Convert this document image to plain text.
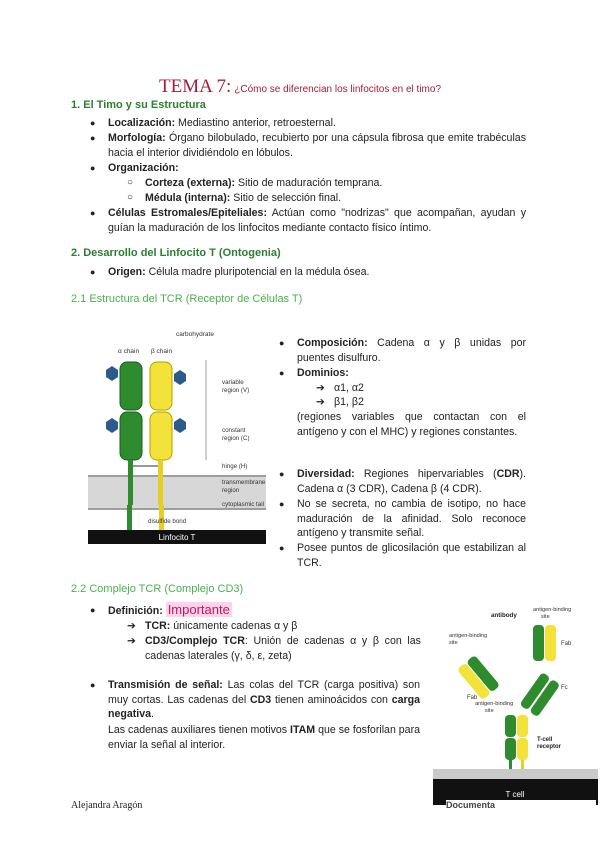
TEMA 7: ¿Cómo se diferencian los linfocitos en el timo?
1. El Timo y su Estructura
● Localización: Mediastino anterior, retroesternal.
● Morfología: Órgano bilobulado, recubierto por una cápsula fibrosa que emite trabéculas hacia el interior dividiéndolo en lóbulos.
● Organización:
○ Corteza (externa): Sitio de maduración temprana.
○ Médula (interna): Sitio de selección final.
● Células Estromales/Epiteliales: Actúan como "nodrizas" que acompañan, ayudan y guían la maduración de los linfocitos mediante contacto físico íntimo.
2. Desarrollo del Linfocito T (Ontogenia)
● Origen: Célula madre pluripotencial en la médula ósea.
2.1 Estructura del TCR (Receptor de Células T)
Linfocito T
carbohydrate
α chain β chain
variable
region (V)
constant
region (C)
hinge (H)
transmembrane
region
cytoplasmic tail
disulfide bond
● Composición: Cadena α y β unidas por puentes disulfuro.
● Dominios:
➔ α1, α2
➔ β1, β2
(regiones variables que contactan con el antígeno y con el MHC) y regiones constantes.
● Diversidad: Regiones hipervariables (CDR). Cadena α (3 CDR), Cadena β (4 CDR).
● No se secreta, no cambia de isotipo, no hace maduración de la afinidad. Solo reconoce antígeno y transmite señal.
● Posee puntos de glicosilación que estabilizan al TCR.
2.2 Complejo TCR (Complejo CD3)
● Definición: Importante
➔ TCR: únicamente cadenas α y β
➔ CD3/Complejo TCR: Unión de cadenas α y β con las cadenas laterales (γ, δ, ε, zeta)
● Transmisión de señal: Las colas del TCR (carga positiva) son muy cortas. Las cadenas del CD3 tienen aminoácidos con carga negativa.
Las cadenas auxiliares tienen motivos ITAM que se fosforilan para enviar la señal al interior.
antibody
antigen-binding
site
antigen-binding
site	Fab
Fab
Fc
antigen-binding
site
T-cell
receptor
T cell
Alejandra Aragón	Documenta
